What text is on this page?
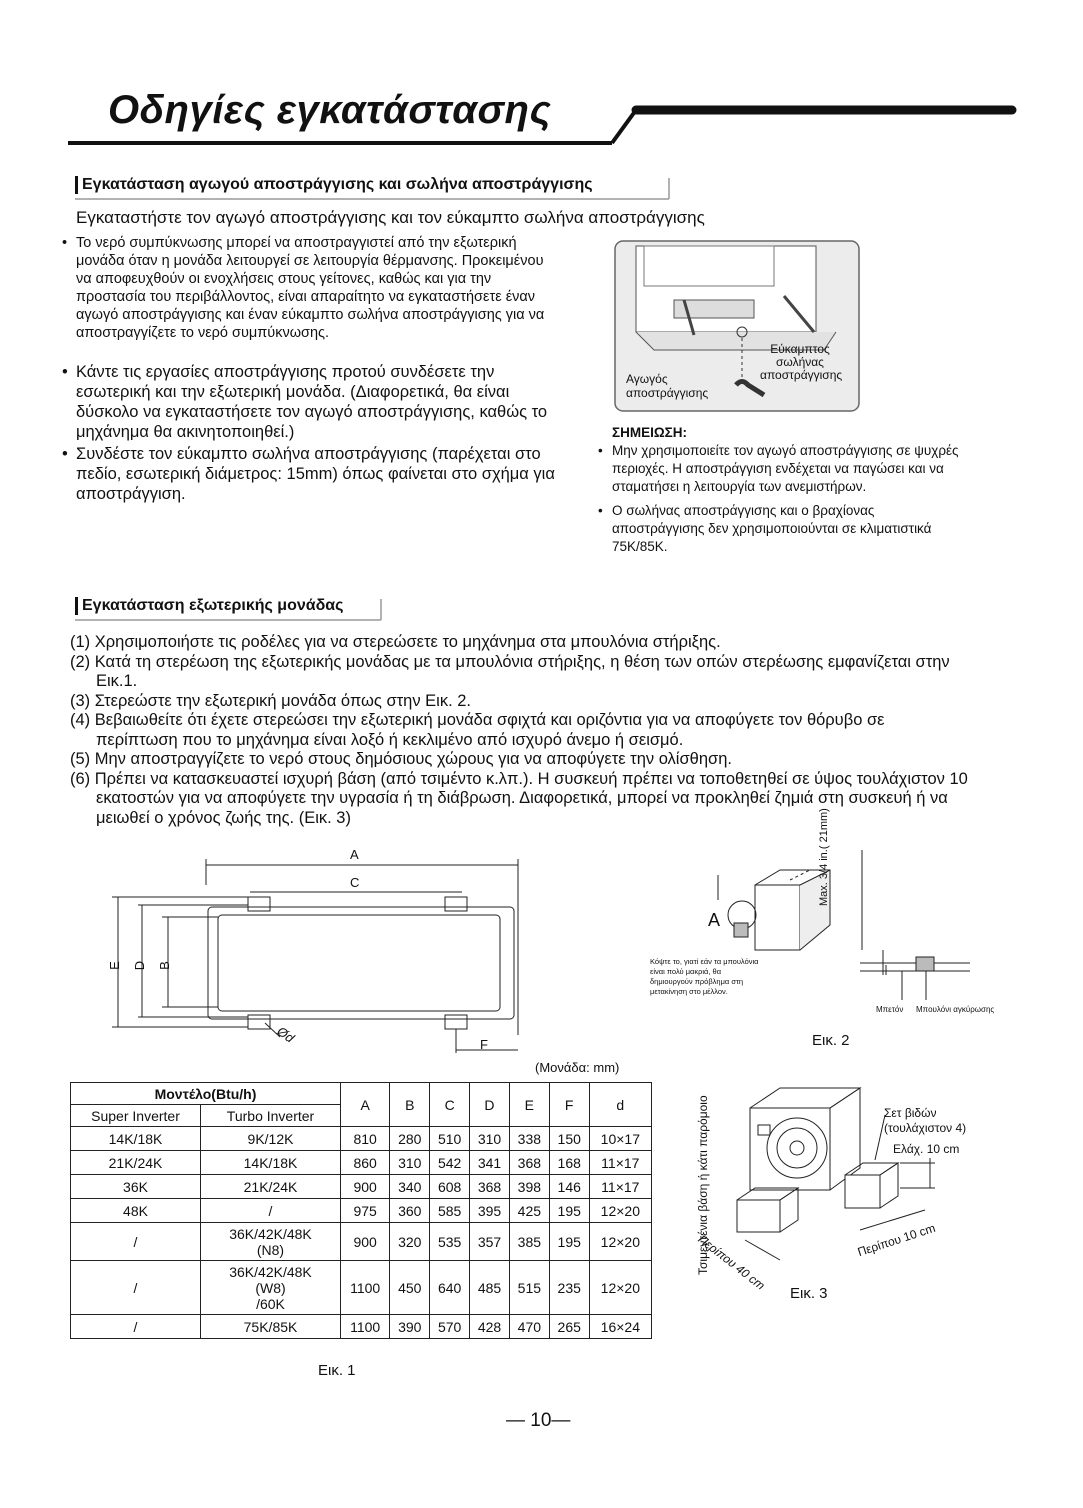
Οδηγίες εγκατάστασης
Εγκατάσταση αγωγού αποστράγγισης και σωλήνα αποστράγγισης
Εγκαταστήστε τον αγωγό αποστράγγισης και τον εύκαμπτο σωλήνα αποστράγγισης
• Το νερό συμπύκνωσης μπορεί να αποστραγγιστεί από την εξωτερική μονάδα όταν η μονάδα λειτουργεί σε λειτουργία θέρμανσης. Προκειμένου να αποφευχθούν οι ενοχλήσεις στους γείτονες, καθώς και για την προστασία του περιβάλλοντος, είναι απαραίτητο να εγκαταστήσετε έναν αγωγό αποστράγγισης και έναν εύκαμπτο σωλήνα αποστράγγισης για να αποστραγγίζετε το νερό συμπύκνωσης.
• Κάντε τις εργασίες αποστράγγισης προτού συνδέσετε την εσωτερική και την εξωτερική μονάδα. (Διαφορετικά, θα είναι δύσκολο να εγκαταστήσετε τον αγωγό αποστράγγισης, καθώς το μηχάνημα θα ακινητοποιηθεί.)
• Συνδέστε τον εύκαμπτο σωλήνα αποστράγγισης (παρέχεται στο πεδίο, εσωτερική διάμετρος: 15mm) όπως φαίνεται στο σχήμα για αποστράγγιση.
Εύκαμπτος
σωλήνας
αποστράγγισης
Αγωγός
αποστράγγισης
ΣΗΜΕΙΩΣΗ:
• Μην χρησιμοποιείτε τον αγωγό αποστράγγισης σε ψυχρές περιοχές. Η αποστράγγιση ενδέχεται να παγώσει και να σταματήσει η λειτουργία των ανεμιστήρων.
• Ο σωλήνας αποστράγγισης και ο βραχίονας αποστράγγισης δεν χρησιμοποιούνται σε κλιματιστικά 75K/85K.
Εγκατάσταση εξωτερικής μονάδας
(1) Χρησιμοποιήστε τις ροδέλες για να στερεώσετε το μηχάνημα στα μπουλόνια στήριξης.
(2) Κατά τη στερέωση της εξωτερικής μονάδας με τα μπουλόνια στήριξης, η θέση των οπών στερέωσης εμφανίζεται στην Εικ.1.
(3) Στερεώστε την εξωτερική μονάδα όπως στην Εικ. 2.
(4) Βεβαιωθείτε ότι έχετε στερεώσει την εξωτερική μονάδα σφιχτά και οριζόντια για να αποφύγετε τον θόρυβο σε περίπτωση που το μηχάνημα είναι λοξό ή κεκλιμένο από ισχυρό άνεμο ή σεισμό.
(5) Μην αποστραγγίζετε το νερό στους δημόσιους χώρους για να αποφύγετε την ολίσθηση.
(6) Πρέπει να κατασκευαστεί ισχυρή βάση (από τσιμέντο κ.λπ.). Η συσκευή πρέπει να τοποθετηθεί σε ύψος τουλάχιστον 10 εκατοστών για να αποφύγετε την υγρασία ή τη διάβρωση. Διαφορετικά, μπορεί να προκληθεί ζημιά στη συσκευή ή να μειωθεί ο χρόνος ζωής της. (Εικ. 3)
A
C
E D B
F
Ød
(Μονάδα: mm)
Μοντέλο(Btu/h)		A	B	C	D	E	F	d
Super Inverter	Turbo Inverter							
14K/18K	9K/12K	810	280	510	310	338	150	10×17
21K/24K	14K/18K	860	310	542	341	368	168	11×17
36K	21K/24K	900	340	608	368	398	146	11×17
48K	/	975	360	585	395	425	195	12×20
/	36K/42K/48K
(N8)	900	320	535	357	385	195	12×20
/	36K/42K/48K
(W8)
/60K	1100	450	640	485	515	235	12×20
/	75K/85K	1100	390	570	428	470	265	16×24
Εικ. 1
A
Max. 3/4 in.( 21mm)
Κόψτε το, γιατί εάν τα μπουλόνια είναι πολύ μακριά, θα δημιουργούν πρόβλημα στη μετακίνηση στο μέλλον.
Μπετόν Μπουλόνι αγκύρωσης
Εικ. 2
Τσιμεντένια βάση ή κάτι παρόμοιο	Σετ βιδών
(τουλάχιστον 4)
Ελάχ. 10 cm
Περίπου 40 cm	Περίπου 10 cm
Εικ. 3
— 10—
